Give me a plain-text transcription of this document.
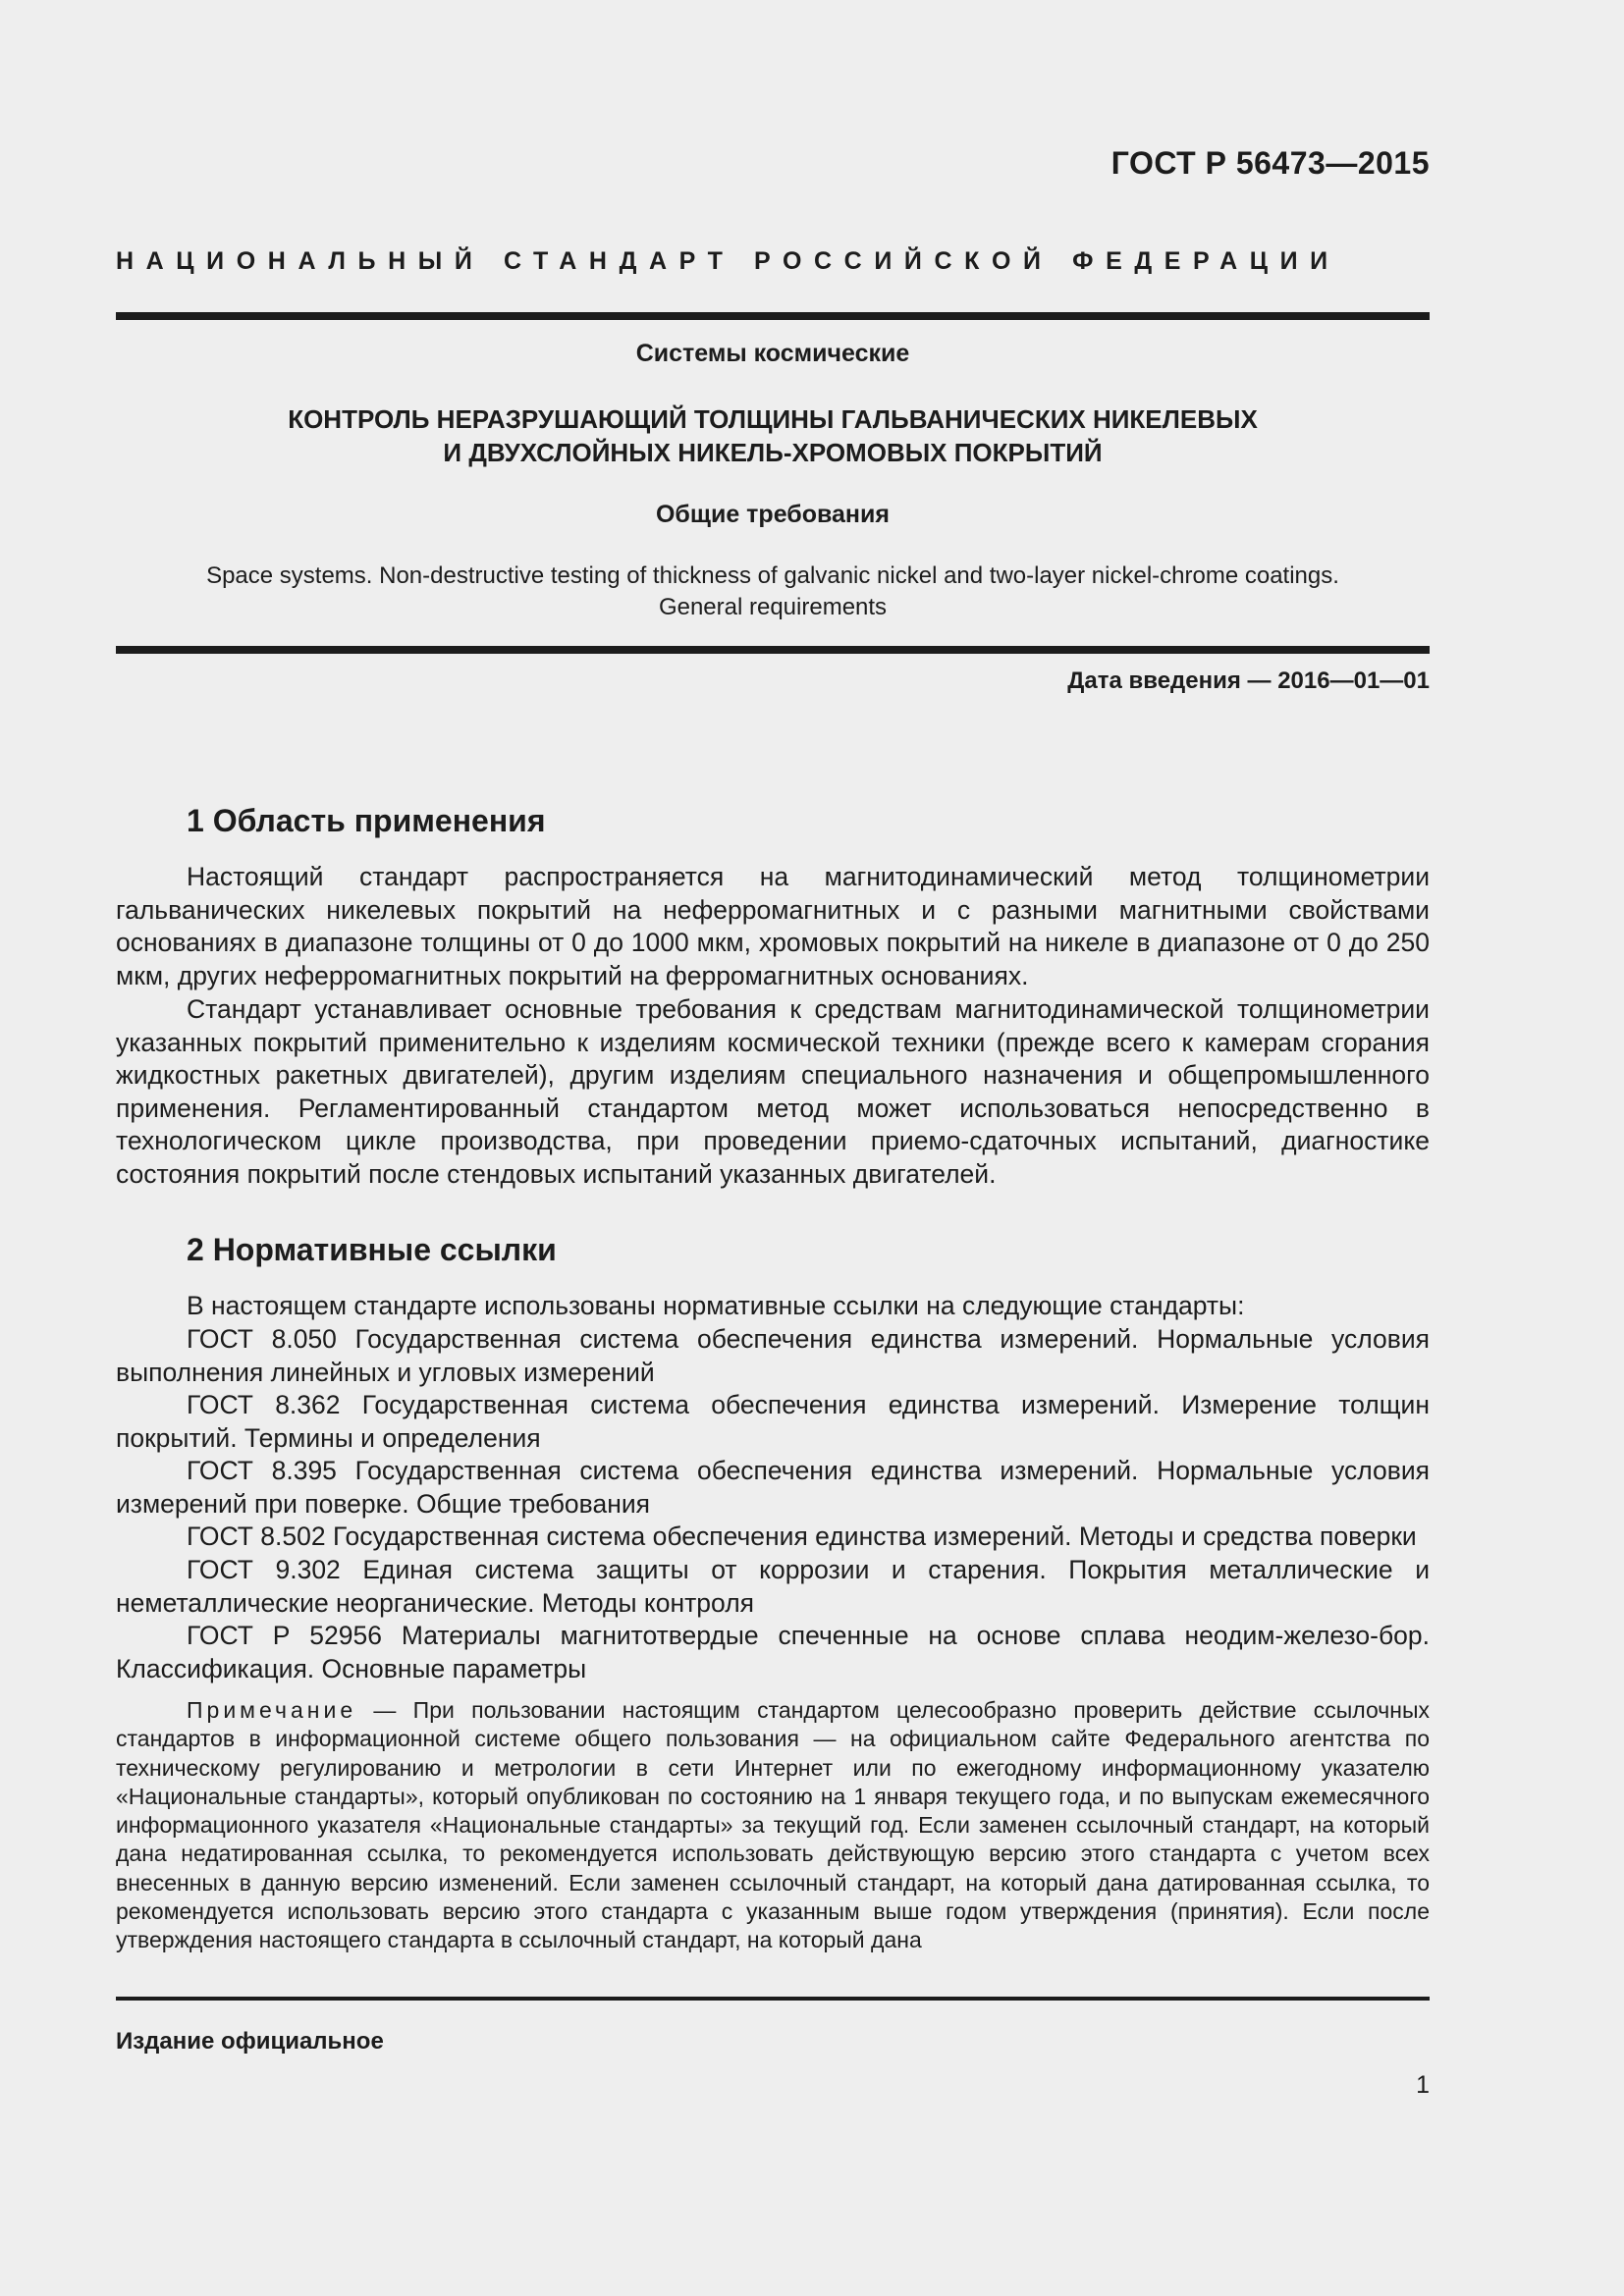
ГОСТ Р 56473—2015
НАЦИОНАЛЬНЫЙ СТАНДАРТ РОССИЙСКОЙ ФЕДЕРАЦИИ
Системы космические
КОНТРОЛЬ НЕРАЗРУШАЮЩИЙ ТОЛЩИНЫ ГАЛЬВАНИЧЕСКИХ НИКЕЛЕВЫХ
И ДВУХСЛОЙНЫХ НИКЕЛЬ-ХРОМОВЫХ ПОКРЫТИЙ
Общие требования
Space systems. Non-destructive testing of thickness of galvanic nickel and two-layer nickel-chrome coatings.
General requirements
Дата введения — 2016—01—01
1 Область применения

Настоящий стандарт распространяется на магнитодинамический метод толщинометрии гальванических никелевых покрытий на неферромагнитных и с разными магнитными свойствами основаниях в диапазоне толщины от 0 до 1000 мкм, хромовых покрытий на никеле в диапазоне от 0 до 250 мкм, других неферромагнитных покрытий на ферромагнитных основаниях.

Стандарт устанавливает основные требования к средствам магнитодинамической толщинометрии указанных покрытий применительно к изделиям космической техники (прежде всего к камерам сгорания жидкостных ракетных двигателей), другим изделиям специального назначения и общепромышленного применения. Регламентированный стандартом метод может использоваться непосредственно в технологическом цикле производства, при проведении приемо-сдаточных испытаний, диагностике состояния покрытий после стендовых испытаний указанных двигателей.

2 Нормативные ссылки

В настоящем стандарте использованы нормативные ссылки на следующие стандарты:

ГОСТ 8.050 Государственная система обеспечения единства измерений. Нормальные условия выполнения линейных и угловых измерений

ГОСТ 8.362 Государственная система обеспечения единства измерений. Измерение толщин покрытий. Термины и определения

ГОСТ 8.395 Государственная система обеспечения единства измерений. Нормальные условия измерений при поверке. Общие требования

ГОСТ 8.502 Государственная система обеспечения единства измерений. Методы и средства поверки

ГОСТ 9.302 Единая система защиты от коррозии и старения. Покрытия металлические и неметаллические неорганические. Методы контроля

ГОСТ Р 52956 Материалы магнитотвердые спеченные на основе сплава неодим-железо-бор. Классификация. Основные параметры

Примечание — При пользовании настоящим стандартом целесообразно проверить действие ссылочных стандартов в информационной системе общего пользования — на официальном сайте Федерального агентства по техническому регулированию и метрологии в сети Интернет или по ежегодному информационному указателю «Национальные стандарты», который опубликован по состоянию на 1 января текущего года, и по выпускам ежемесячного информационного указателя «Национальные стандарты» за текущий год. Если заменен ссылочный стандарт, на который дана недатированная ссылка, то рекомендуется использовать действующую версию этого стандарта с учетом всех внесенных в данную версию изменений. Если заменен ссылочный стандарт, на который дана датированная ссылка, то рекомендуется использовать версию этого стандарта с указанным выше годом утверждения (принятия). Если после утверждения настоящего стандарта в ссылочный стандарт, на который дана

Издание официальное
1
